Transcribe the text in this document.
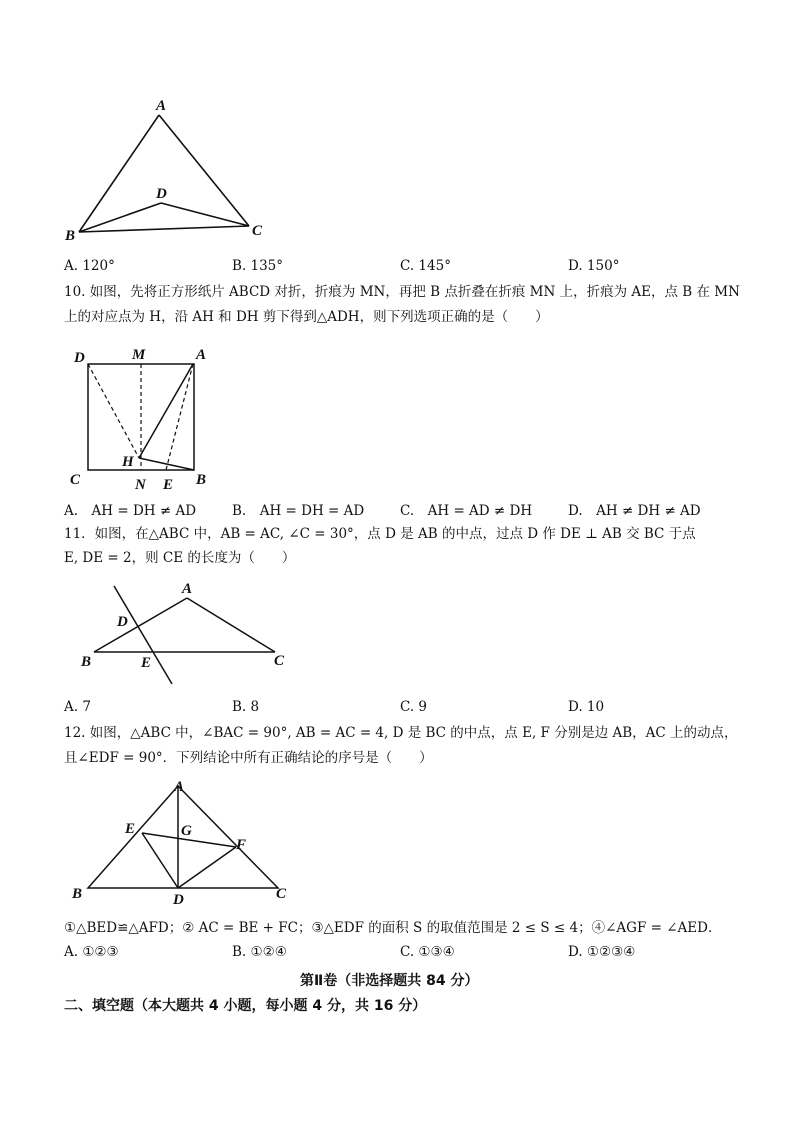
A
D
B	C
A. 120°	B. 135°	C. 145°	D. 150°
10. 如图，先将正方形纸片 ABCD 对折，折痕为 MN，再把 B 点折叠在折痕 MN 上，折痕为 AE，点 B 在 MN
上的对应点为 H，沿 AH 和 DH 剪下得到△ADH，则下列选项正确的是（　　）
D	M	A
H
C	N E B
A.　AH = DH ≠ AD	B.　AH = DH = AD	C.　AH = AD ≠ DH	D.　AH ≠ DH ≠ AD
11．如图，在△ABC 中，AB = AC, ∠C = 30°，点 D 是 AB 的中点，过点 D 作 DE ⊥ AB 交 BC 于点
E, DE = 2，则 CE 的长度为（　　）
A
D
B	E	C
A. 7	B. 8	C. 9	D. 10
12. 如图，△ABC 中，∠BAC = 90°, AB = AC = 4, D 是 BC 的中点，点 E, F 分别是边 AB，AC 上的动点，
且∠EDF = 90°．下列结论中所有正确结论的序号是（　　）
A
E	G
F
B	D	C
①△BED≌△AFD；② AC = BE + FC；③△EDF 的面积 S 的取值范围是 2 ≤ S ≤ 4；④∠AGF = ∠AED．
A. ①②③	B. ①②④	C. ①③④	D. ①②③④
第Ⅱ卷（非选择题共 84 分）
二、填空题（本大题共 4 小题，每小题 4 分，共 16 分）
